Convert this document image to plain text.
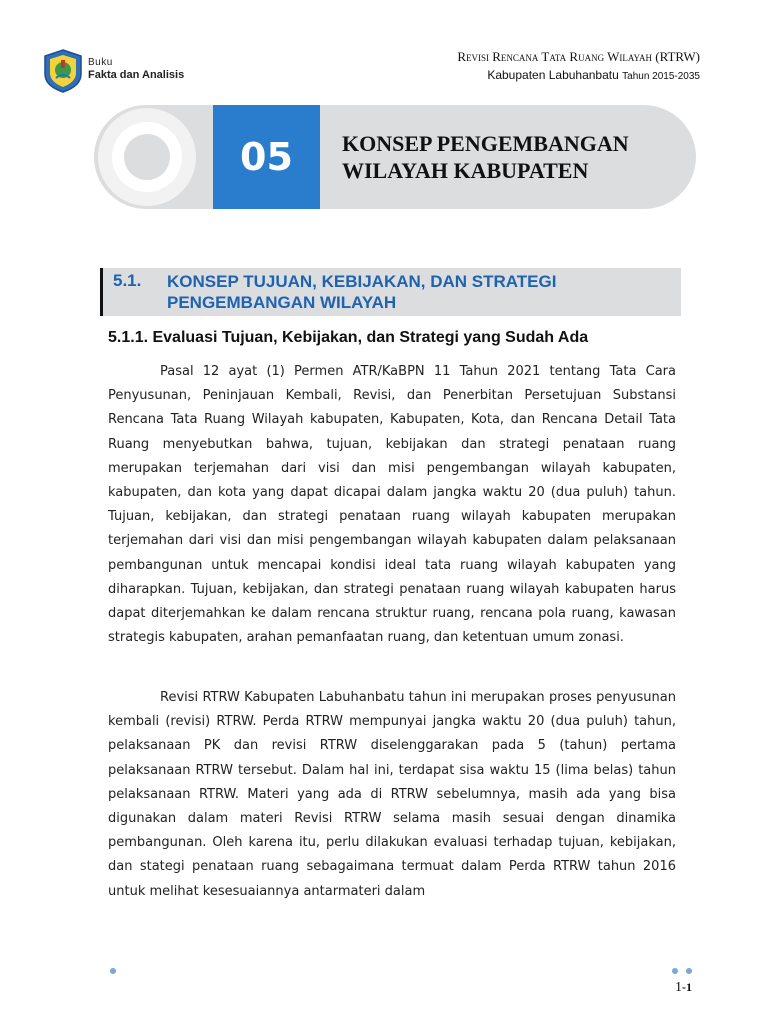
Buku
Fakta dan Analisis
Revisi Rencana Tata Ruang Wilayah (RTRW)
Kabupaten Labuhanbatu Tahun 2015-2035
05 KONSEP PENGEMBANGAN
WILAYAH KABUPATEN
5.1. KONSEP TUJUAN, KEBIJAKAN, DAN STRATEGI
PENGEMBANGAN WILAYAH
5.1.1. Evaluasi Tujuan, Kebijakan, dan Strategi yang Sudah Ada

Pasal 12 ayat (1) Permen ATR/KaBPN 11 Tahun 2021 tentang Tata Cara Penyusunan, Peninjauan Kembali, Revisi, dan Penerbitan Persetujuan Substansi Rencana Tata Ruang Wilayah kabupaten, Kabupaten, Kota, dan Rencana Detail Tata Ruang menyebutkan bahwa, tujuan, kebijakan dan strategi penataan ruang merupakan terjemahan dari visi dan misi pengembangan wilayah kabupaten, kabupaten, dan kota yang dapat dicapai dalam jangka waktu 20 (dua puluh) tahun. Tujuan, kebijakan, dan strategi penataan ruang wilayah kabupaten merupakan terjemahan dari visi dan misi pengembangan wilayah kabupaten dalam pelaksanaan pembangunan untuk mencapai kondisi ideal tata ruang wilayah kabupaten yang diharapkan. Tujuan, kebijakan, dan strategi penataan ruang wilayah kabupaten harus dapat diterjemahkan ke dalam rencana struktur ruang, rencana pola ruang, kawasan strategis kabupaten, arahan pemanfaatan ruang, dan ketentuan umum zonasi.

Revisi RTRW Kabupaten Labuhanbatu tahun ini merupakan proses penyusunan kembali (revisi) RTRW. Perda RTRW mempunyai jangka waktu 20 (dua puluh) tahun, pelaksanaan PK dan revisi RTRW diselenggarakan pada 5 (tahun) pertama pelaksanaan RTRW tersebut. Dalam hal ini, terdapat sisa waktu 15 (lima belas) tahun pelaksanaan RTRW. Materi yang ada di RTRW sebelumnya, masih ada yang bisa digunakan dalam materi Revisi RTRW selama masih sesuai dengan dinamika pembangunan. Oleh karena itu, perlu dilakukan evaluasi terhadap tujuan, kebijakan, dan stategi penataan ruang sebagaimana termuat dalam Perda RTRW tahun 2016 untuk melihat kesesuaiannya antarmateri dalam

1-1
